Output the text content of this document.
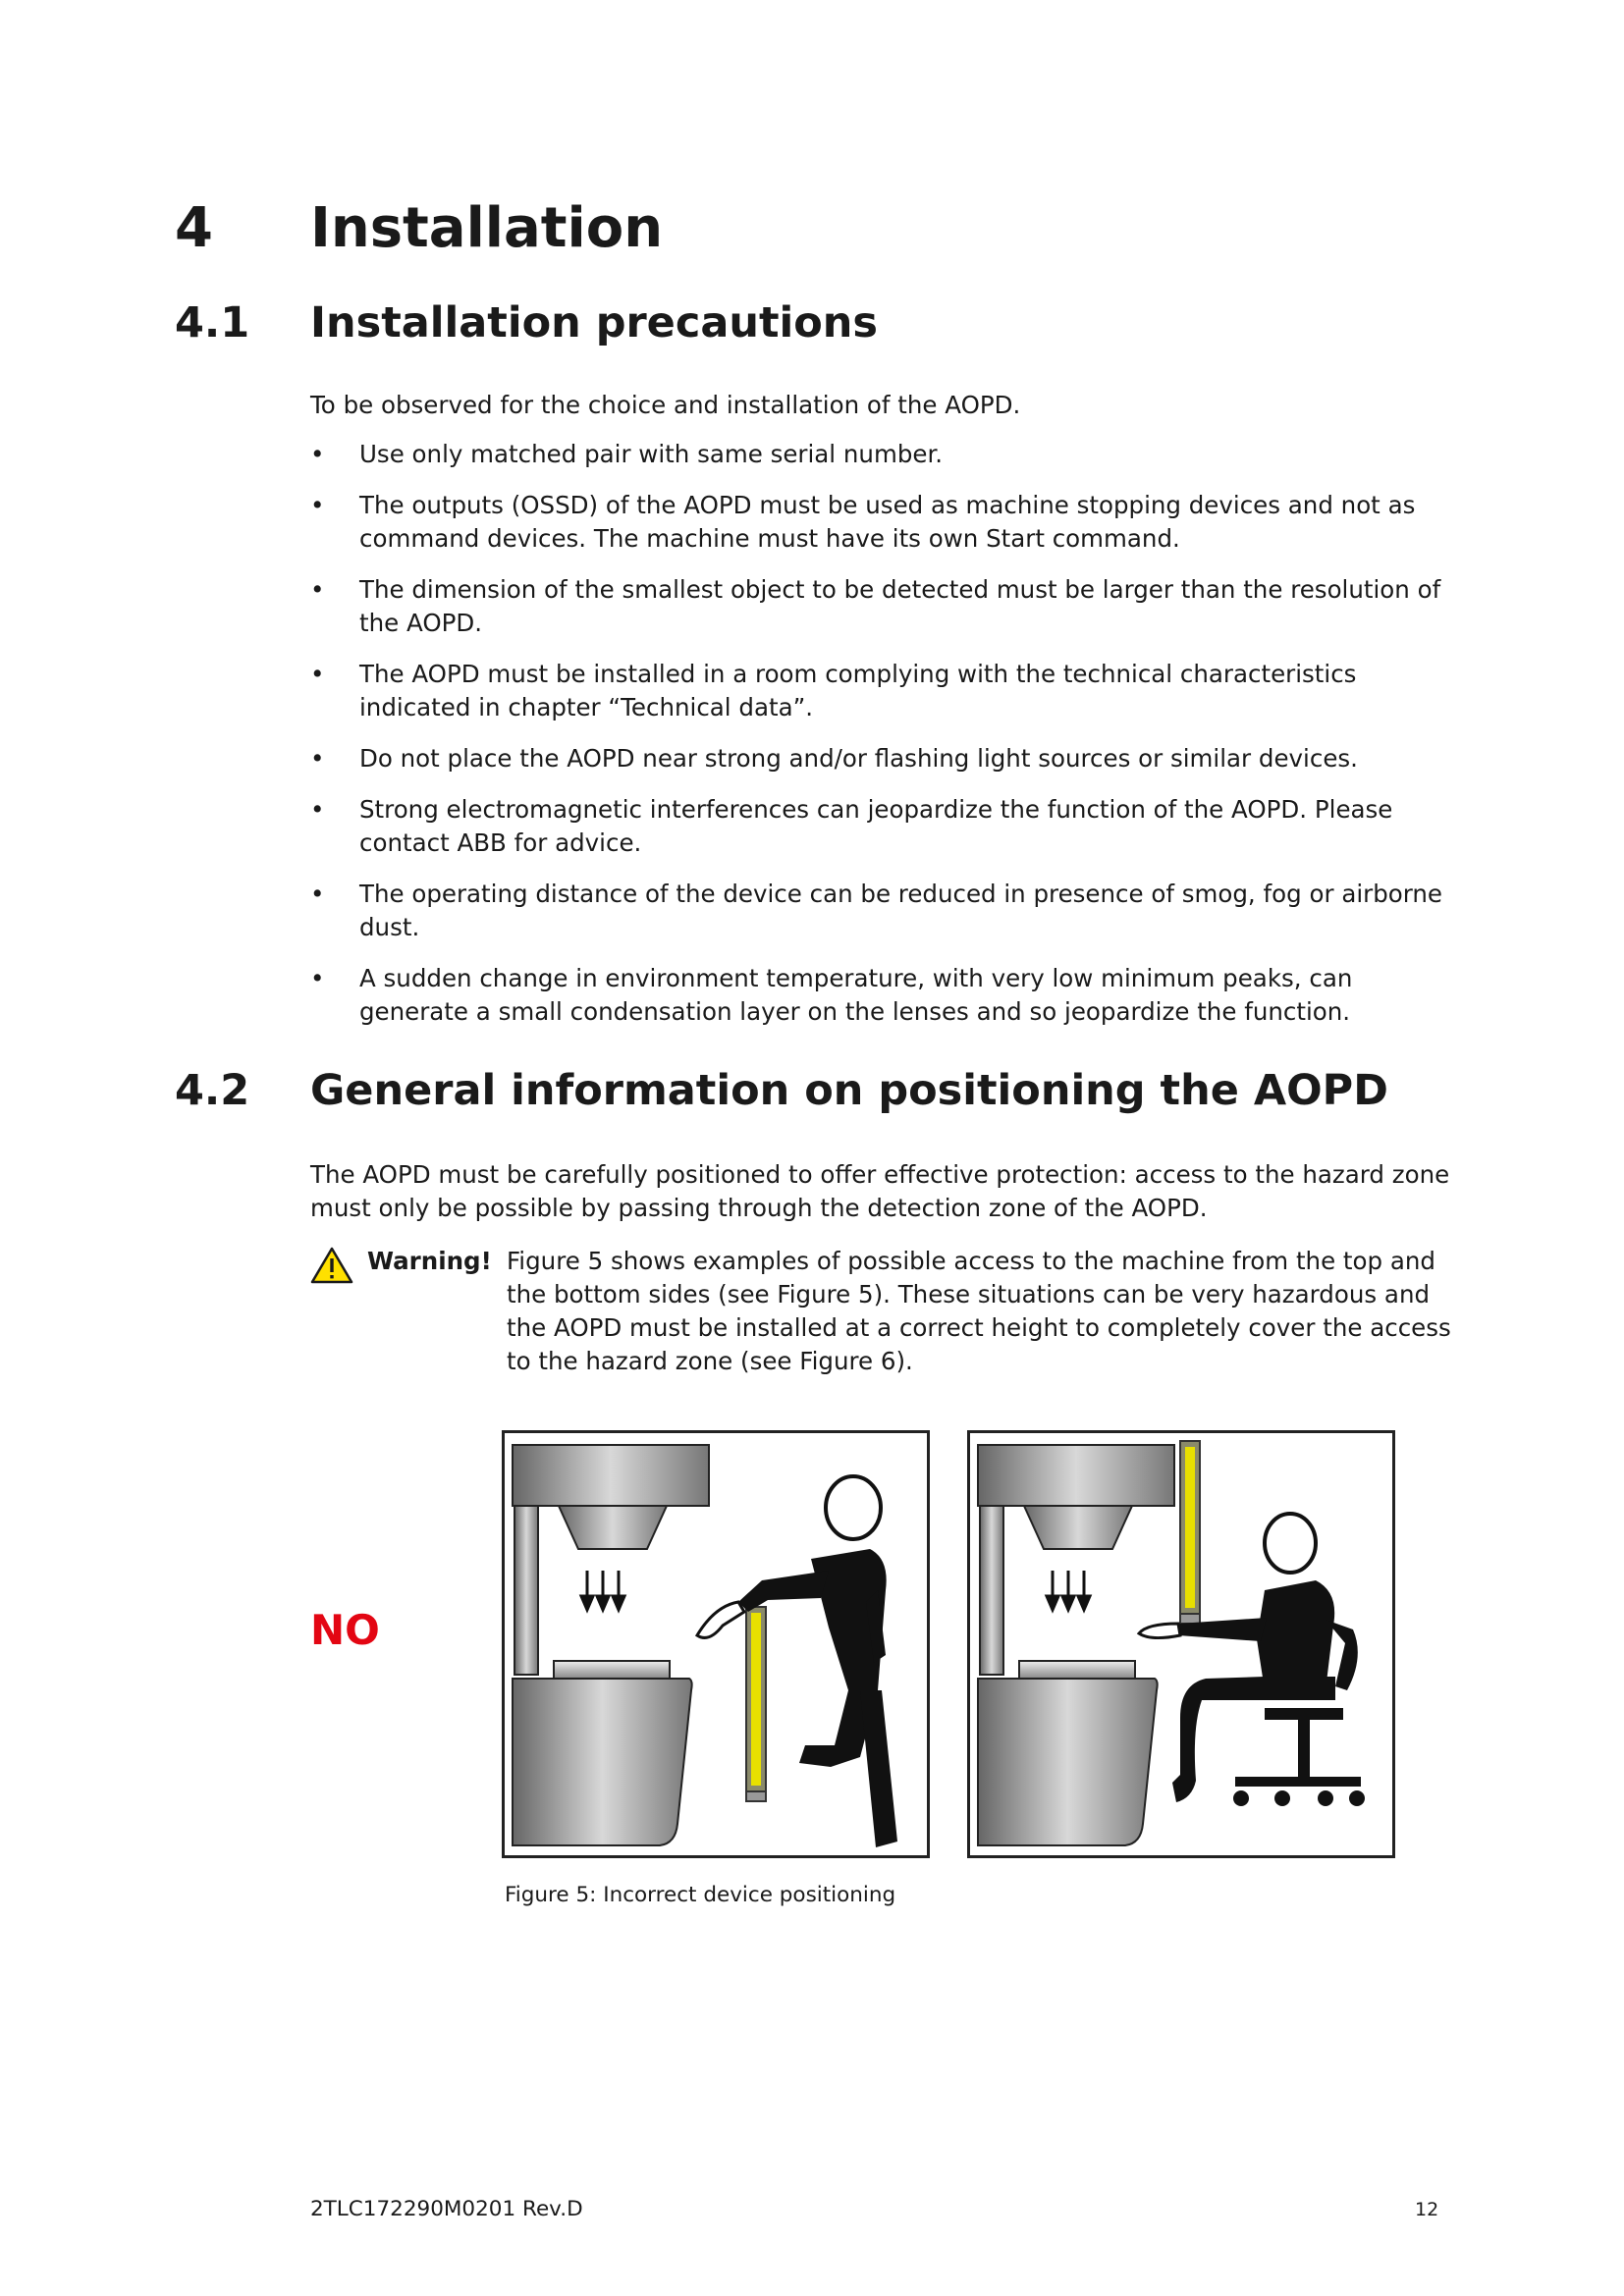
4 Installation
4.1 Installation precautions
To be observed for the choice and installation of the AOPD.
• Use only matched pair with same serial number.
• The outputs (OSSD) of the AOPD must be used as machine stopping devices and not as command devices. The machine must have its own Start command.
• The dimension of the smallest object to be detected must be larger than the resolution of the AOPD.
• The AOPD must be installed in a room complying with the technical characteristics indicated in chapter “Technical data”.
• Do not place the AOPD near strong and/or flashing light sources or similar devices.
• Strong electromagnetic interferences can jeopardize the function of the AOPD. Please contact ABB for advice.
• The operating distance of the device can be reduced in presence of smog, fog or airborne dust.
• A sudden change in environment temperature, with very low minimum peaks, can generate a small condensation layer on the lenses and so jeopardize the function.
4.2 General information on positioning the AOPD
The AOPD must be carefully positioned to offer effective protection: access to the hazard zone must only be possible by passing through the detection zone of the AOPD.
Warning! Figure 5 shows examples of possible access to the machine from the top and the bottom sides (see Figure 5). These situations can be very hazardous and the AOPD must be installed at a correct height to completely cover the access to the hazard zone (see Figure 6).
NO
Figure 5: Incorrect device positioning
2TLC172290M0201 Rev.D	12
